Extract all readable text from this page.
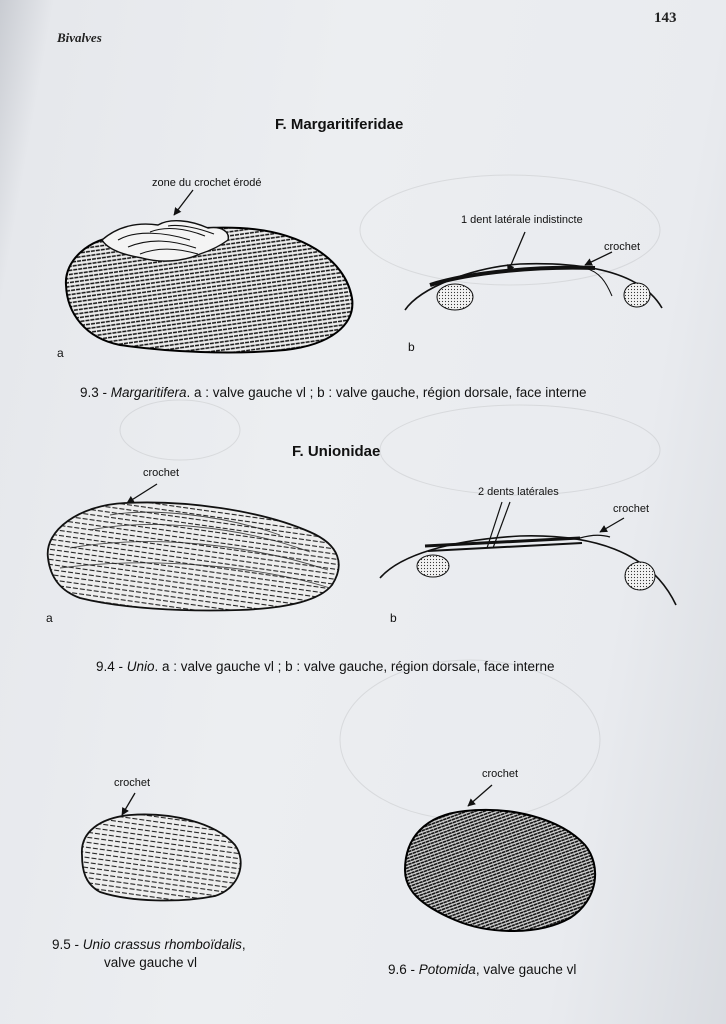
Bivalves
143
F. Margaritiferidae
zone du crochet érodé
1 dent latérale indistincte
crochet
a	b
9.3 - Margaritifera. a : valve gauche vl ; b : valve gauche, région dorsale, face interne
F. Unionidae
crochet
2 dents latérales
crochet
a	b
9.4 - Unio. a : valve gauche vl ; b : valve gauche, région dorsale, face interne
crochet
crochet
9.5 - Unio crassus rhomboïdalis,
valve gauche vl	9.6 - Potomida, valve gauche vl
